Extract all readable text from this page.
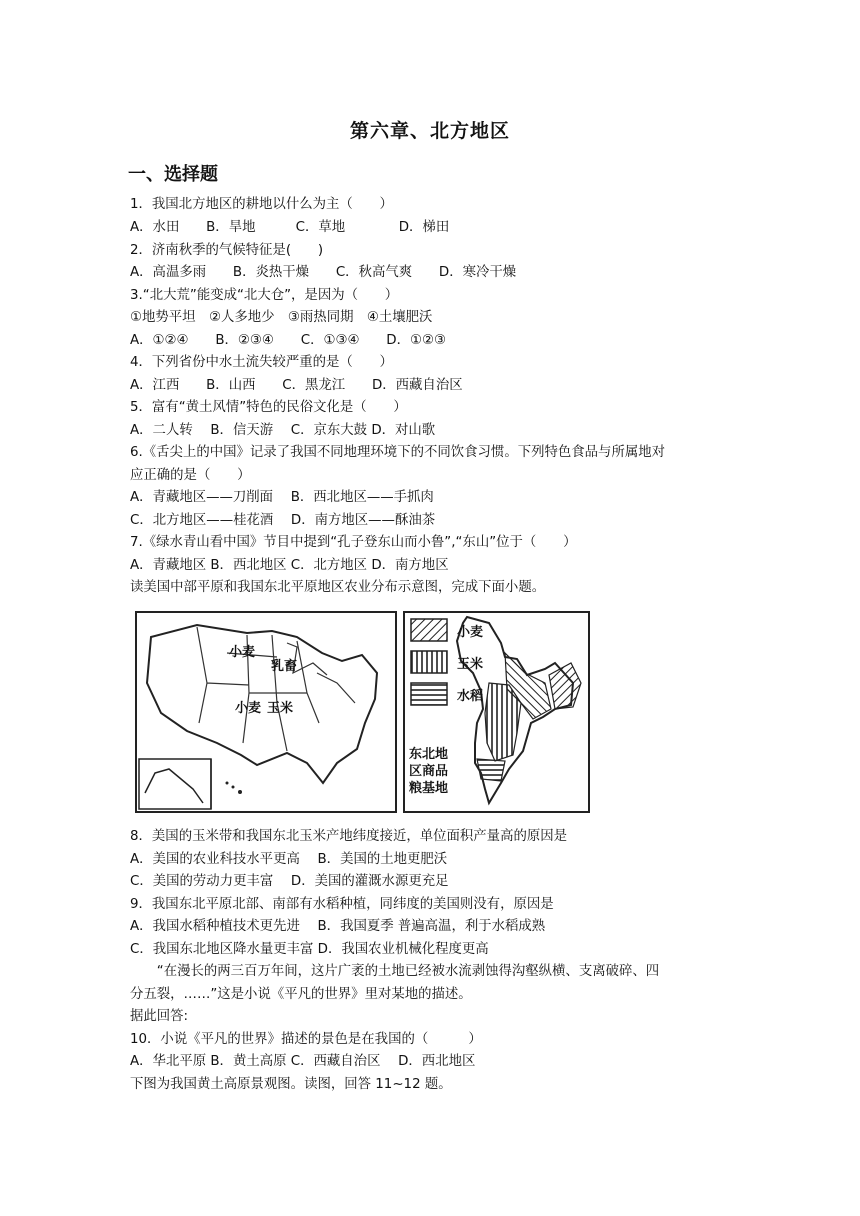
第六章、北方地区
一、选择题
1．我国北方地区的耕地以什么为主（　　）
A．水田　　B．旱地　　　C．草地　　　　D．梯田
2．济南秋季的气候特征是(　　)
A．高温多雨　　B．炎热干燥　　C．秋高气爽　　D．寒冷干燥
3.“北大荒”能变成“北大仓”，是因为（　　）
①地势平坦　②人多地少　③雨热同期　④土壤肥沃
A．①②④　　B．②③④　　C．①③④　　D．①②③
4．下列省份中水土流失较严重的是（　　）
A．江西　　B．山西　　C．黑龙江　　D．西藏自治区
5．富有“黄土风情”特色的民俗文化是（　　）
A．二人转　 B．信天游　 C．京东大鼓 D．对山歌
6.《舌尖上的中国》记录了我国不同地理环境下的不同饮食习惯。下列特色食品与所属地对
应正确的是（　　）
A．青藏地区——刀削面　 B．西北地区——手抓肉
C．北方地区——桂花酒　 D．南方地区——酥油茶
7.《绿水青山看中国》节目中提到“孔子登东山而小鲁”,“东山”位于（　　）
A．青藏地区 B．西北地区 C．北方地区 D．南方地区
读美国中部平原和我国东北平原地区农业分布示意图，完成下面小题。
小麦
乳畜
小麦 玉米
小麦
玉米
水稻
东北地
区商品
粮基地
8．美国的玉米带和我国东北玉米产地纬度接近，单位面积产量高的原因是
A．美国的农业科技水平更高　 B．美国的土地更肥沃
C．美国的劳动力更丰富　 D．美国的灌溉水源更充足
9．我国东北平原北部、南部有水稻种植，同纬度的美国则没有，原因是
A．我国水稻种植技术更先进　 B．我国夏季 普遍高温，利于水稻成熟
C．我国东北地区降水量更丰富 D．我国农业机械化程度更高
　　“在漫长的两三百万年间，这片广袤的土地已经被水流剥蚀得沟壑纵横、支离破碎、四
分五裂，……”这是小说《平凡的世界》里对某地的描述。
据此回答:
10．小说《平凡的世界》描述的景色是在我国的（　　　）
A．华北平原 B．黄土高原 C．西藏自治区　 D．西北地区
下图为我国黄土高原景观图。读图，回答 11~12 题。
